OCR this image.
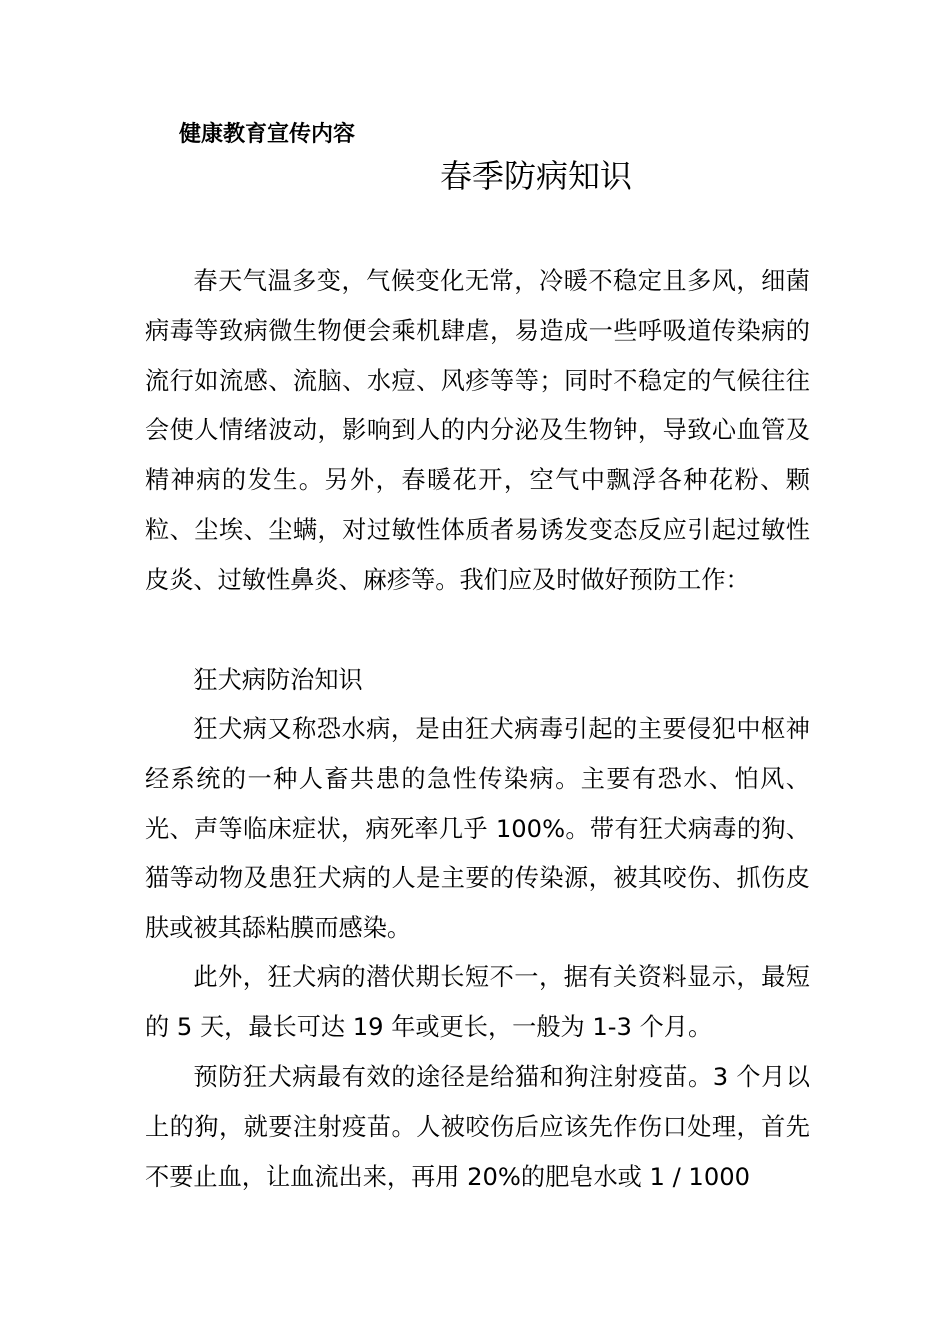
健康教育宣传内容
春季防病知识

春天气温多变，气候变化无常，冷暖不稳定且多风，细菌病毒等致病微生物便会乘机肆虐，易造成一些呼吸道传染病的流行如流感、流脑、水痘、风疹等等；同时不稳定的气候往往会使人情绪波动，影响到人的内分泌及生物钟，导致心血管及精神病的发生。另外，春暖花开，空气中飘浮各种花粉、颗粒、尘埃、尘螨，对过敏性体质者易诱发变态反应引起过敏性皮炎、过敏性鼻炎、麻疹等。我们应及时做好预防工作：

狂犬病防治知识

狂犬病又称恐水病，是由狂犬病毒引起的主要侵犯中枢神经系统的一种人畜共患的急性传染病。主要有恐水、怕风、光、声等临床症状，病死率几乎 100%。带有狂犬病毒的狗、猫等动物及患狂犬病的人是主要的传染源，被其咬伤、抓伤皮肤或被其舔粘膜而感染。

此外，狂犬病的潜伏期长短不一，据有关资料显示，最短的 5 天，最长可达 19 年或更长，一般为 1-3 个月。

预防狂犬病最有效的途径是给猫和狗注射疫苗。3 个月以上的狗，就要注射疫苗。人被咬伤后应该先作伤口处理，首先不要止血，让血流出来，再用 20%的肥皂水或 1 / 1000
